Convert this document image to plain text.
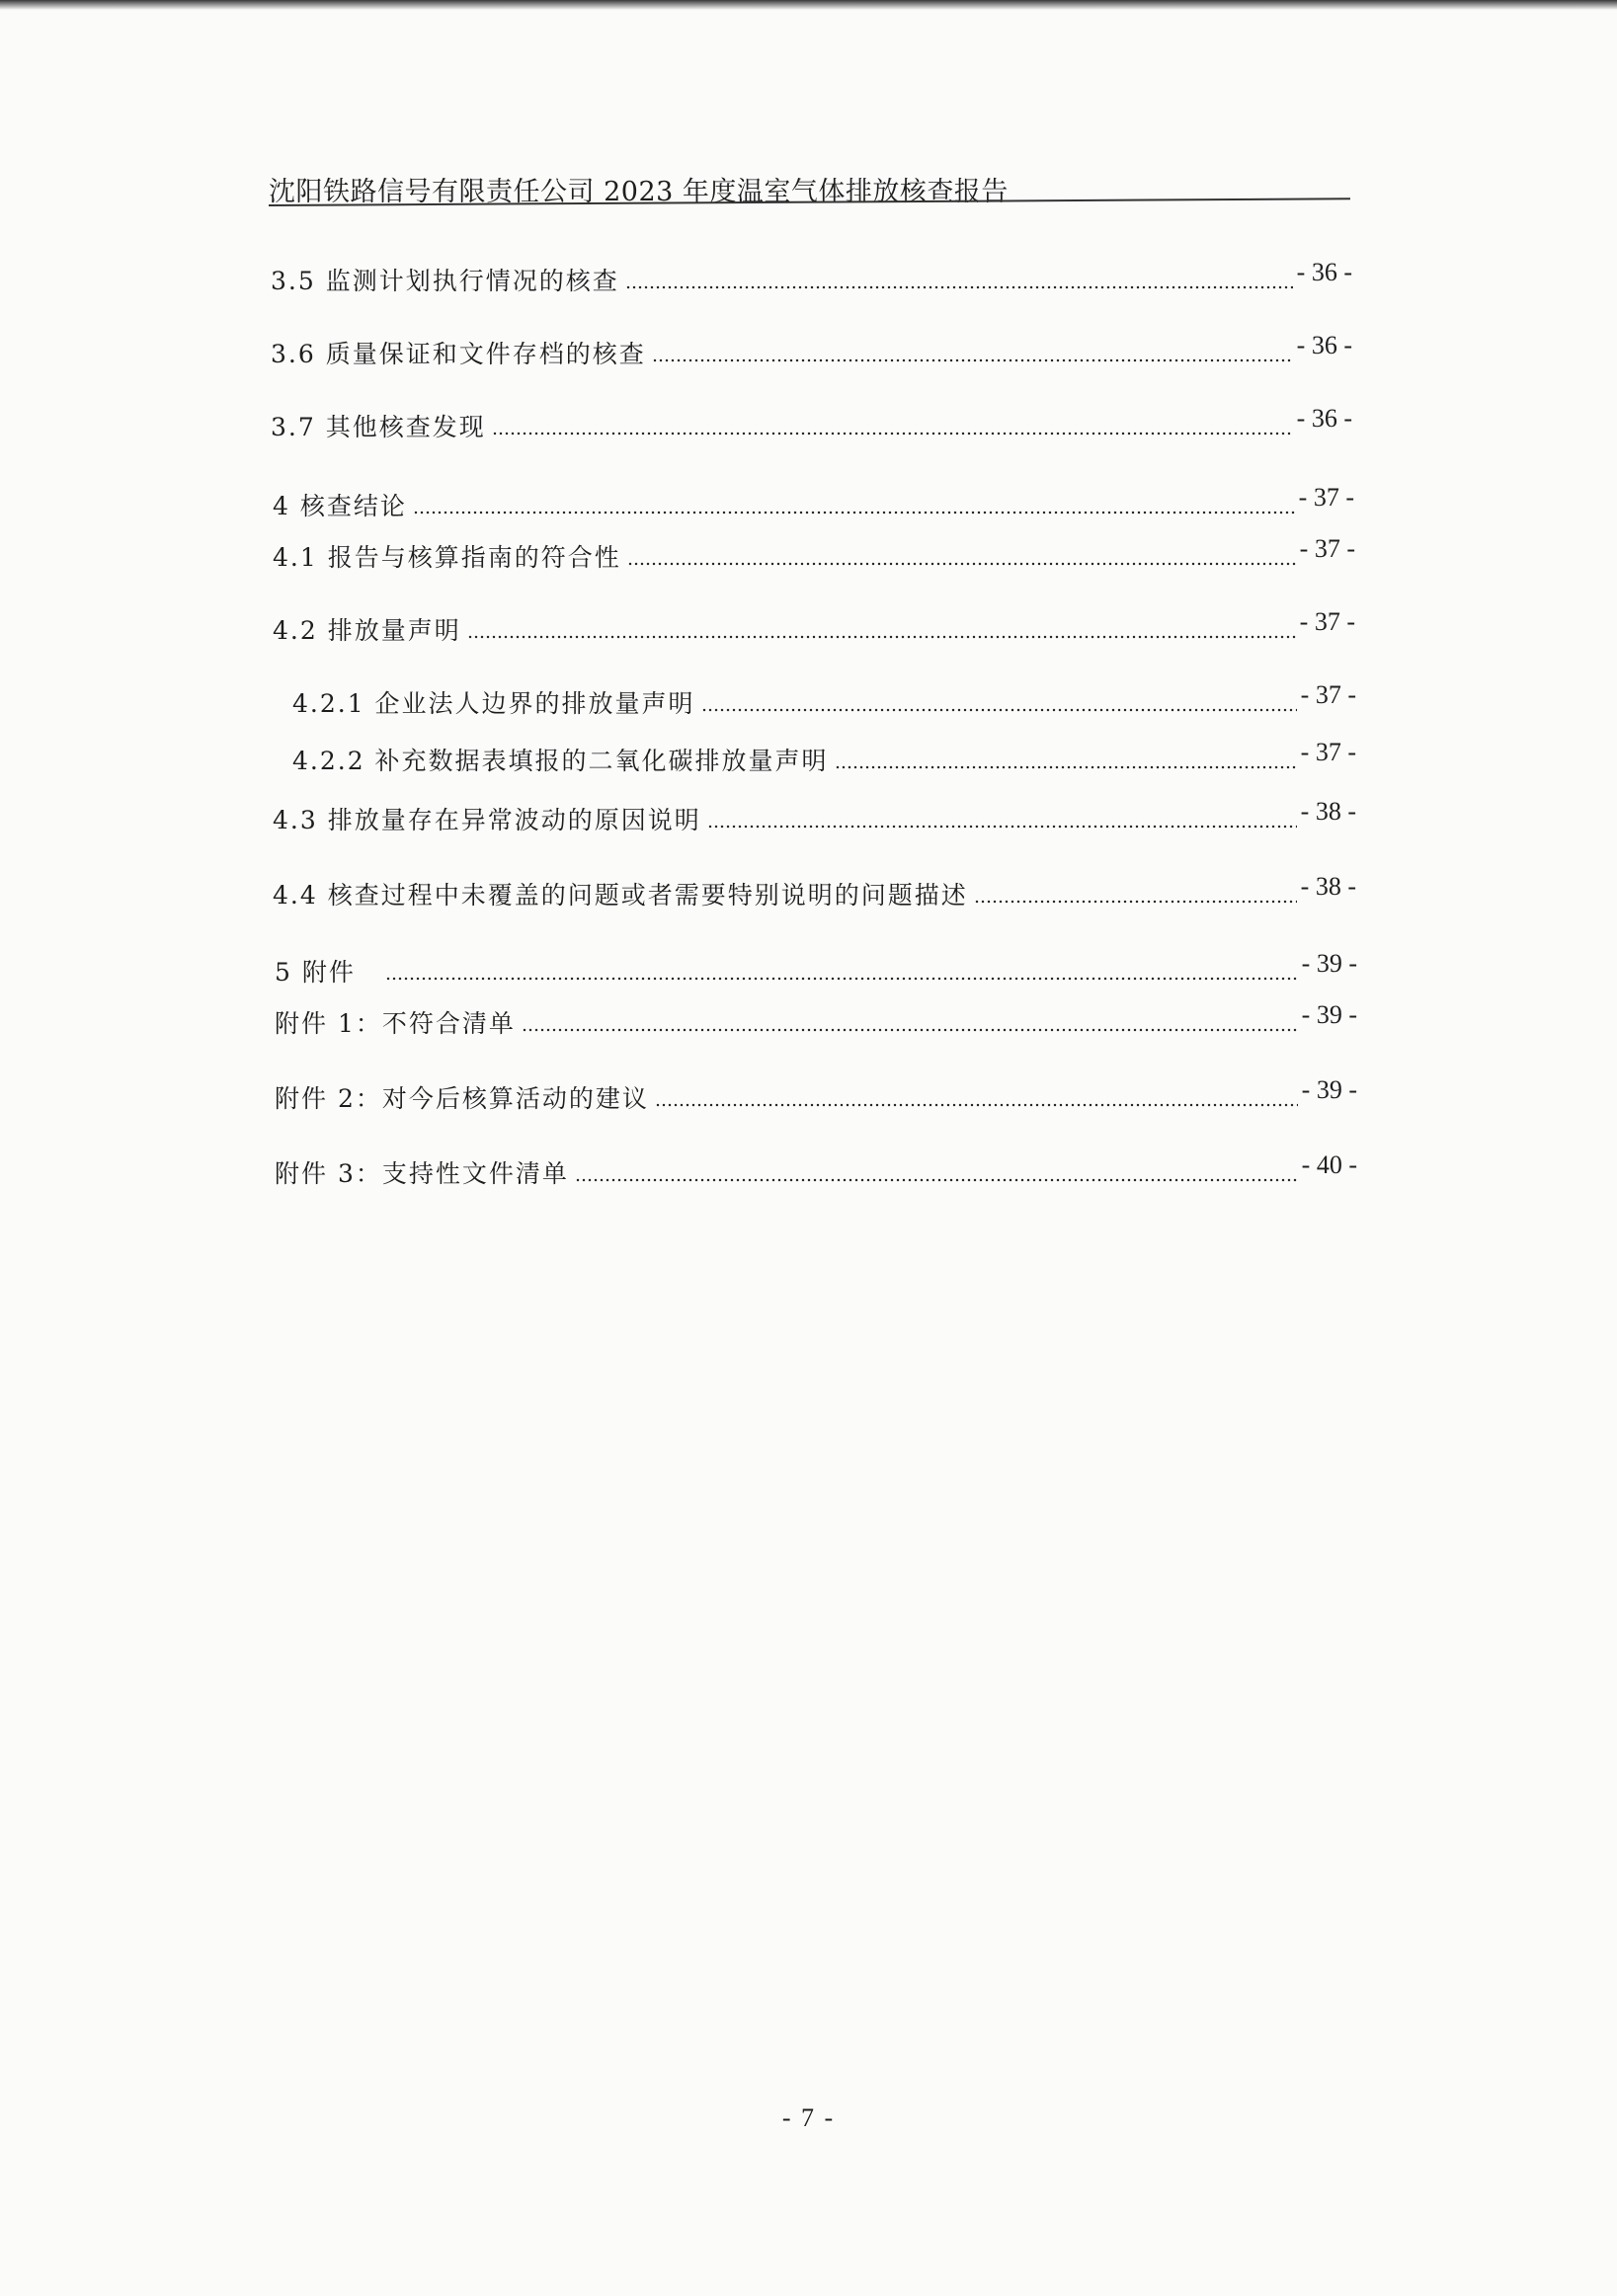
沈阳铁路信号有限责任公司 2023 年度温室气体排放核查报告
3.5 监测计划执行情况的核查	- 36 -
3.6 质量保证和文件存档的核查	- 36 -
3.7 其他核查发现	- 36 -
4 核查结论	- 37 -
4.1 报告与核算指南的符合性	- 37 -
4.2 排放量声明	- 37 -
4.2.1 企业法人边界的排放量声明	- 37 -
4.2.2 补充数据表填报的二氧化碳排放量声明	- 37 -
4.3 排放量存在异常波动的原因说明	- 38 -
4.4 核查过程中未覆盖的问题或者需要特别说明的问题描述	- 38 -
5 附件	- 39 -
附件 1：不符合清单	- 39 -
附件 2：对今后核算活动的建议	- 39 -
附件 3：支持性文件清单	- 40 -
- 7 -
